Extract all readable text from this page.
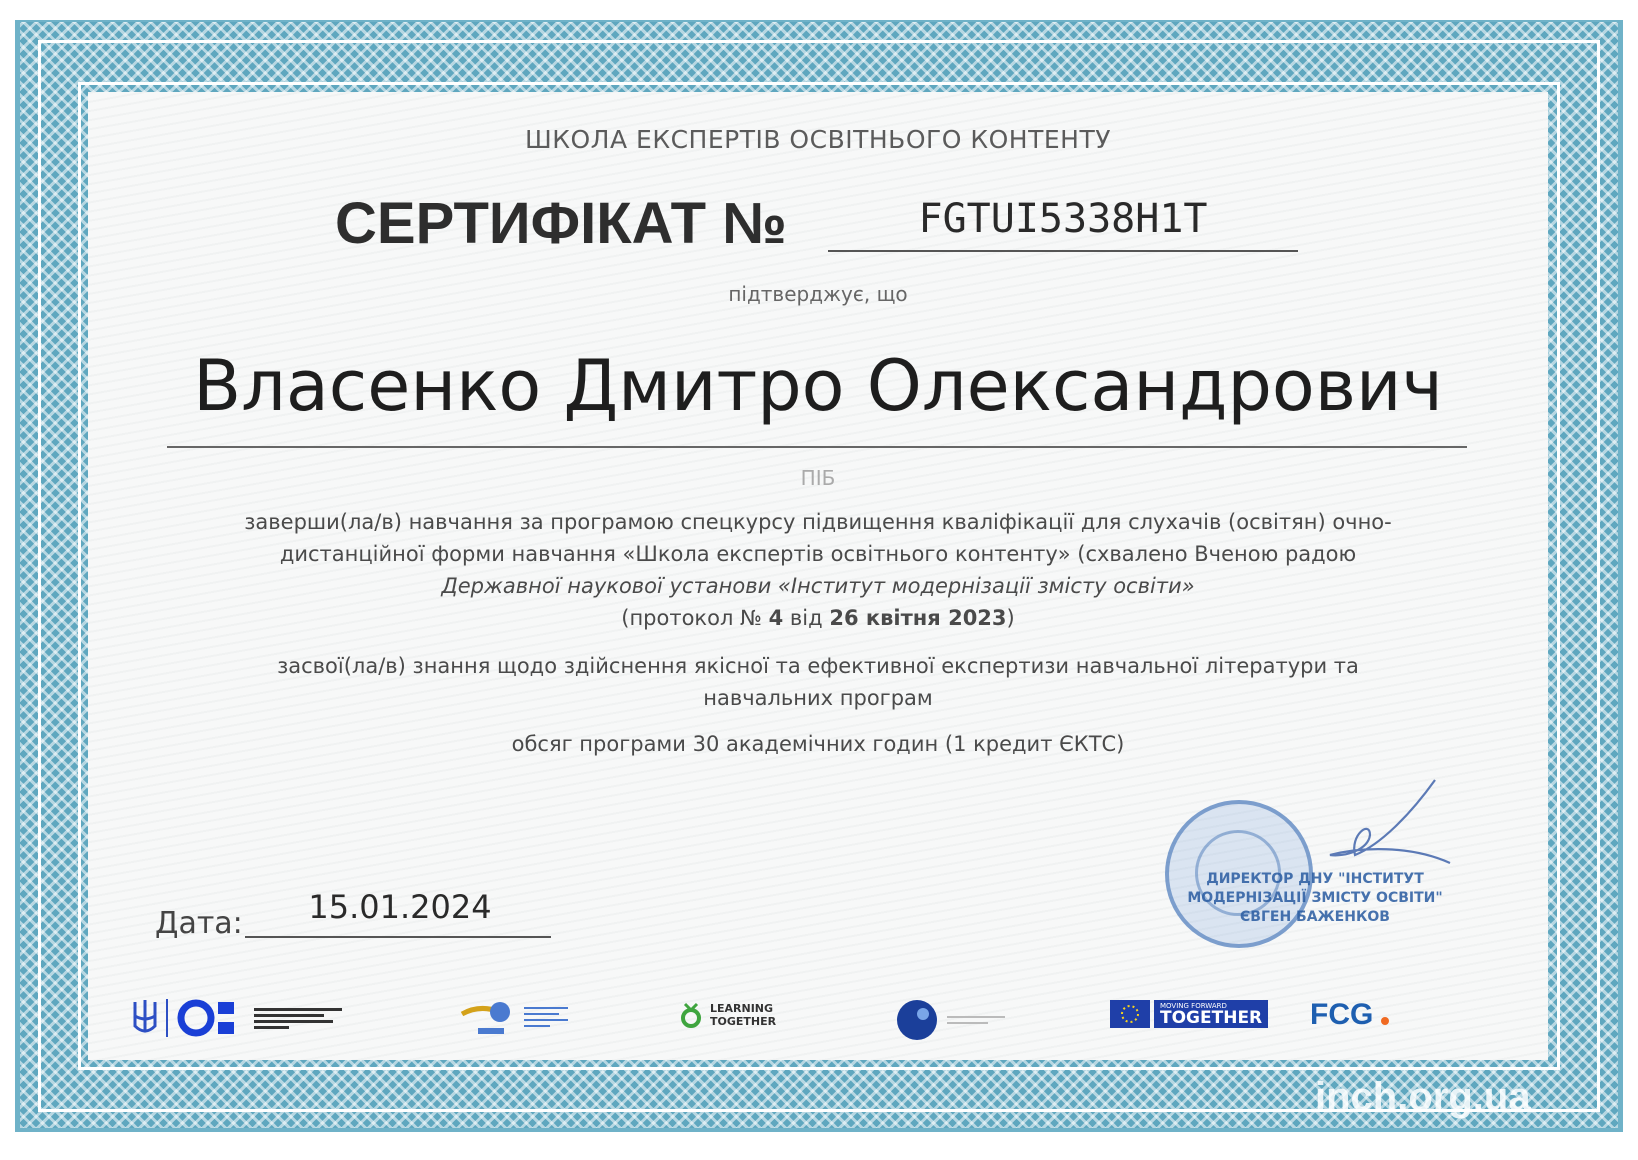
ШКОЛА ЕКСПЕРТІВ ОСВІТНЬОГО КОНТЕНТУ
СЕРТИФІКАТ №	FGTUI5338H1T
підтверджує, що
Власенко Дмитро Олександрович
ПІБ
заверши(ла/в) навчання за програмою спецкурсу підвищення кваліфікації для слухачів (освітян) очно-
дистанційної форми навчання «Школа експертів освітнього контенту» (схвалено Вченою радою
Державної наукової установи «Інститут модернізації змісту освіти»
(протокол № 4 від 26 квітня 2023)
засвої(ла/в) знання щодо здійснення якісної та ефективної експертизи навчальної літератури та
навчальних програм
обсяг програми 30 академічних годин (1 кредит ЄКТС)
Дата:	15.01.2024
ДИРЕКТОР ДНУ "ІНСТИТУТ
МОДЕРНІЗАЦІЇ ЗМІСТУ ОСВІТИ"
ЄВГЕН БАЖЕНКОВ
LEARNING TOGETHER
MOVING FORWARD
TOGETHER FCG
inch.org.ua
